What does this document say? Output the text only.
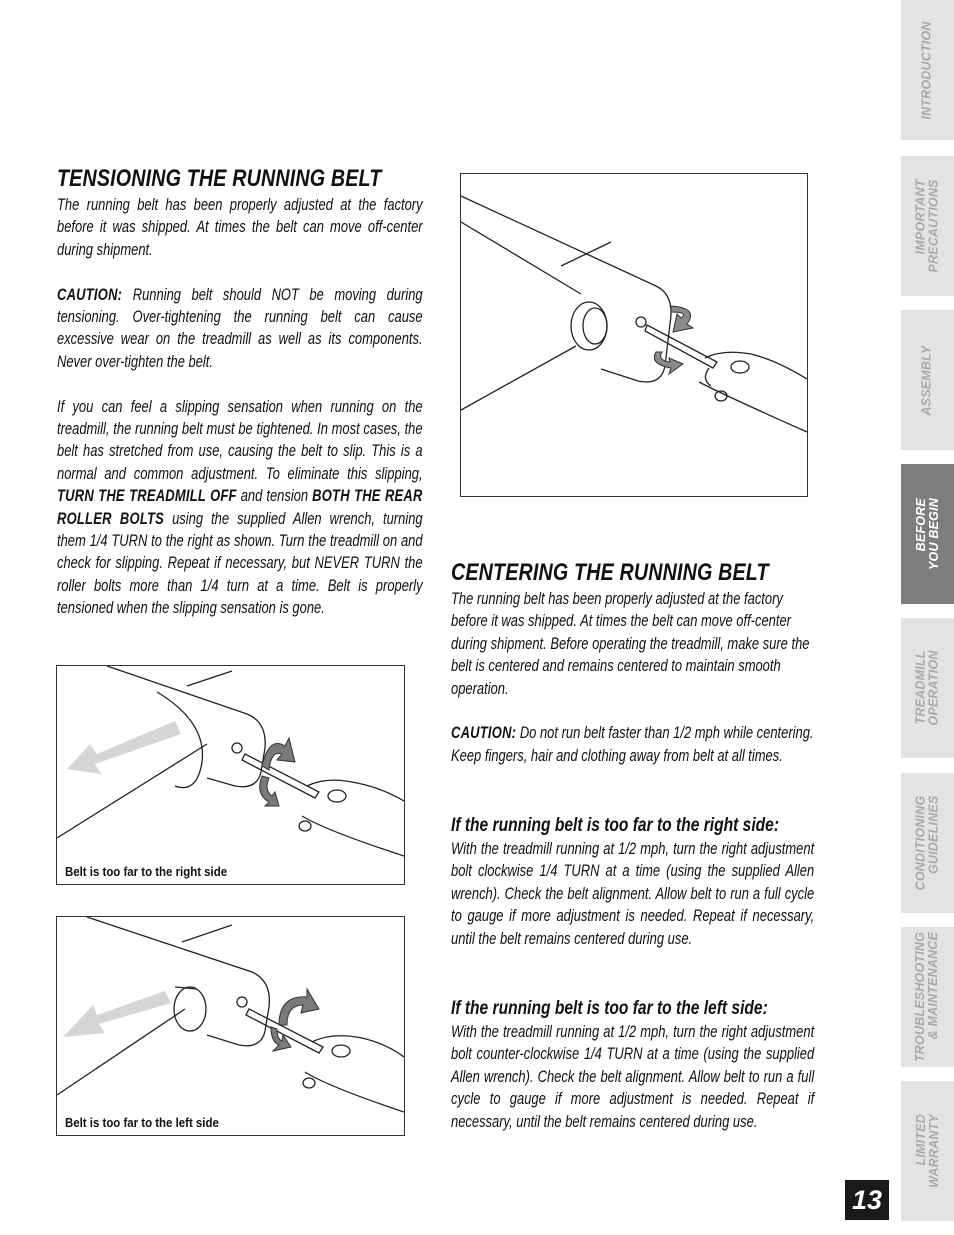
TENSIONING THE RUNNING BELT

The running belt has been properly adjusted at the factory before it was shipped. At times the belt can move off-center during shipment.

CAUTION: Running belt should NOT be moving during tensioning. Over-tightening the running belt can cause excessive wear on the treadmill as well as its components. Never over-tighten the belt.

If you can feel a slipping sensation when running on the treadmill, the running belt must be tightened. In most cases, the belt has stretched from use, causing the belt to slip. This is a normal and common adjustment. To eliminate this slipping, TURN THE TREADMILL OFF and tension BOTH THE REAR ROLLER BOLTS using the supplied Allen wrench, turning them 1/4 TURN to the right as shown. Turn the treadmill on and check for slipping. Repeat if necessary, but NEVER TURN the roller bolts more than 1/4 turn at a time. Belt is properly tensioned when the slipping sensation is gone.

Belt is too far to the right side
Belt is too far to the left side
CENTERING THE RUNNING BELT

The running belt has been properly adjusted at the factory before it was shipped. At times the belt can move off-center during shipment. Before operating the treadmill, make sure the belt is centered and remains centered to maintain smooth operation.

CAUTION: Do not run belt faster than 1/2 mph while centering. Keep fingers, hair and clothing away from belt at all times.

If the running belt is too far to the right side:
With the treadmill running at 1/2 mph, turn the right adjustment bolt clockwise 1/4 TURN at a time (using the supplied Allen wrench). Check the belt alignment. Allow belt to run a full cycle to gauge if more adjustment is needed. Repeat if necessary, until the belt remains centered during use.
If the running belt is too far to the left side:
With the treadmill running at 1/2 mph, turn the right adjustment bolt counter-clockwise 1/4 TURN at a time (using the supplied Allen wrench). Check the belt alignment. Allow belt to run a full cycle to gauge if more adjustment is needed. Repeat if necessary, until the belt remains centered during use.
INTRODUCTION
IMPORTANT
PRECAUTIONS
ASSEMBLY
BEFORE
YOU BEGIN
TREADMILL
OPERATION
CONDITIONING
GUIDELINES
TROUBLESHOOTING
& MAINTENANCE
LIMITED
WARRANTY
13
